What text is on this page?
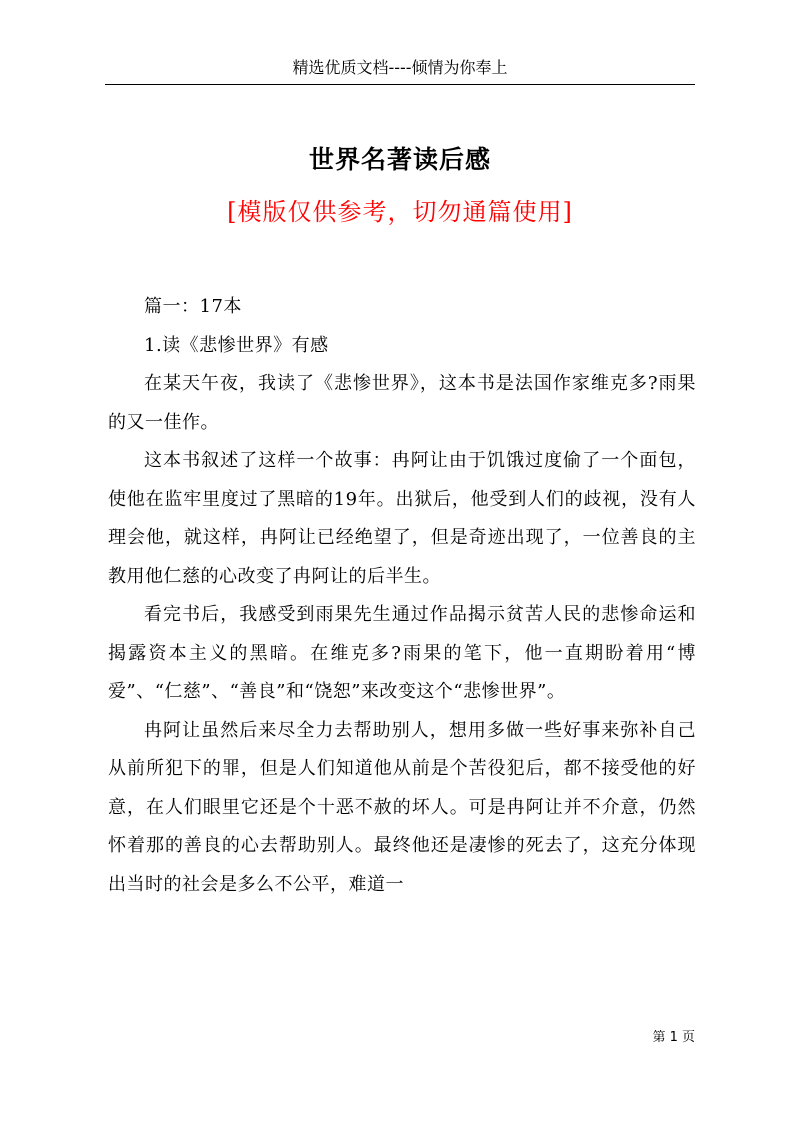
精选优质文档----倾情为你奉上
世界名著读后感
[模版仅供参考，切勿通篇使用]

篇一：17本

1.读《悲惨世界》有感

在某天午夜，我读了《悲惨世界》，这本书是法国作家维克多?雨果的又一佳作。

这本书叙述了这样一个故事：冉阿让由于饥饿过度偷了一个面包，使他在监牢里度过了黑暗的19年。出狱后，他受到人们的歧视，没有人理会他，就这样，冉阿让已经绝望了，但是奇迹出现了，一位善良的主教用他仁慈的心改变了冉阿让的后半生。

看完书后，我感受到雨果先生通过作品揭示贫苦人民的悲惨命运和揭露资本主义的黑暗。在维克多?雨果的笔下，他一直期盼着用“博爱”、“仁慈”、“善良”和“饶恕”来改变这个“悲惨世界”。

冉阿让虽然后来尽全力去帮助别人，想用多做一些好事来弥补自己从前所犯下的罪，但是人们知道他从前是个苦役犯后，都不接受他的好意，在人们眼里它还是个十恶不赦的坏人。可是冉阿让并不介意，仍然怀着那的善良的心去帮助别人。最终他还是凄惨的死去了，这充分体现出当时的社会是多么不公平，难道一

第 1 页
